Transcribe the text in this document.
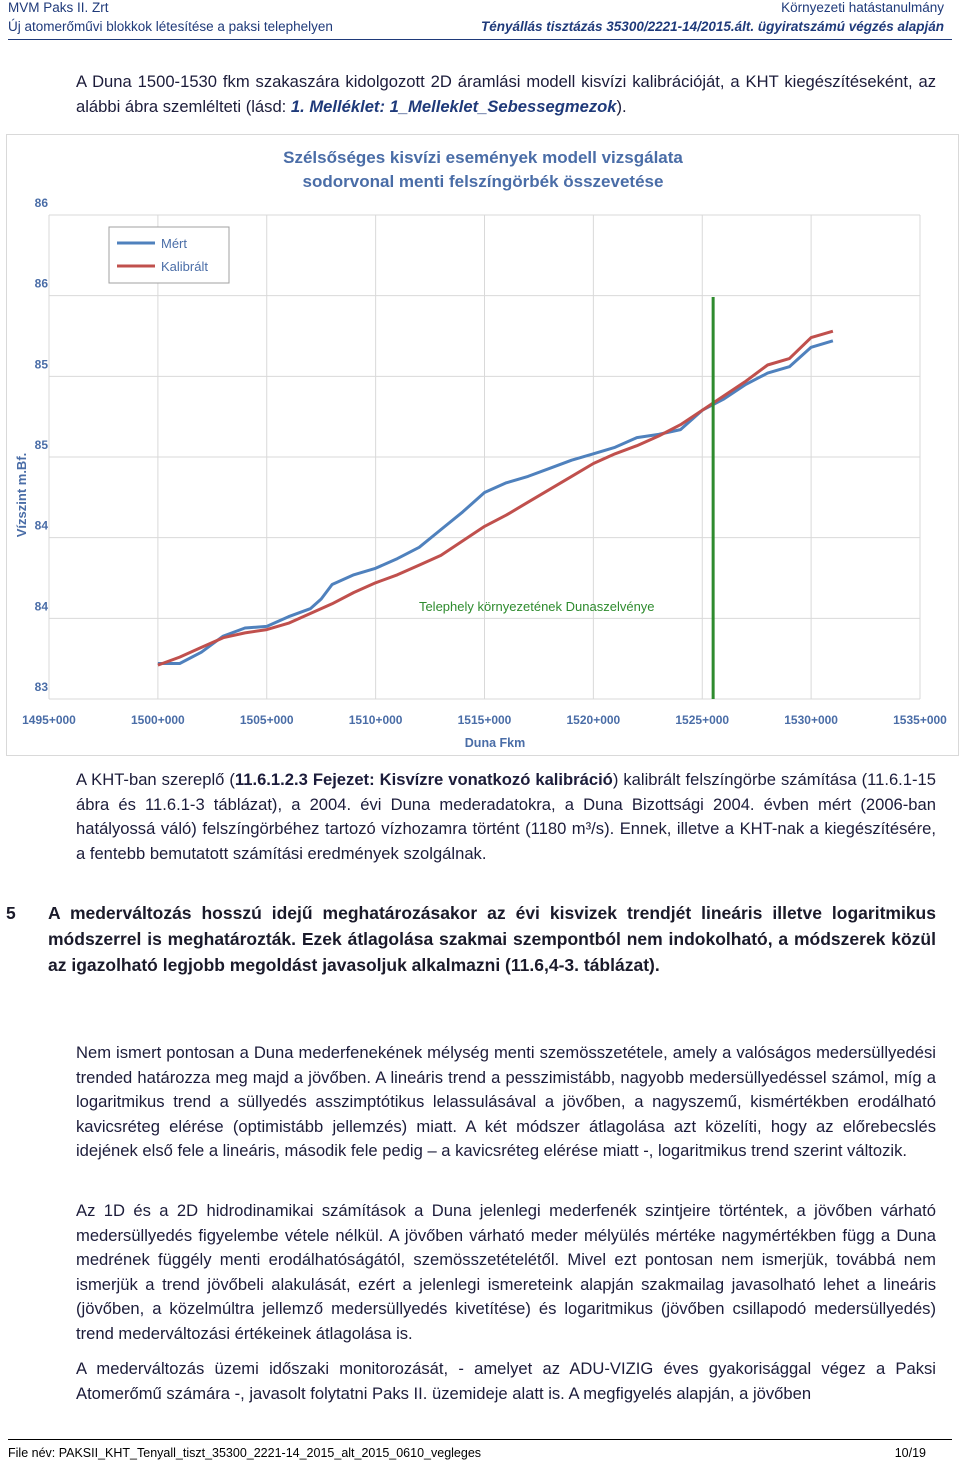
MVM Paks II. Zrt
Új atomerőművi blokkok létesítése a paksi telephelyen
Környezeti hatástanulmány
Tényállás tisztázás 35300/2221-14/2015.ált. ügyiratszámú végzés alapján
A Duna 1500-1530 fkm szakaszára kidolgozott 2D áramlási modell kisvízi kalibrációját, a KHT kiegészítéseként, az alábbi ábra szemlélteti (lásd: 1. Melléklet: 1_Melleklet_Sebessegmezok).
Szélsőséges kisvízi események modell vizsgálata
sodorvonal menti felszíngörbék összevetése
Telephely környezetének Dunaszelvénye
83
84
84
85
85
86
86
1495+000	1500+000	1505+000	1510+000	1515+000	1520+000	1525+000	1530+000	1535+000
Duna Fkm
Vízszint m.Bf.
Mért
Kalibrált
A KHT-ban szereplő (11.6.1.2.3 Fejezet: Kisvízre vonatkozó kalibráció) kalibrált felszíngörbe számítása (11.6.1-15 ábra és 11.6.1-3 táblázat), a 2004. évi Duna mederadatokra, a Duna Bizottsági 2004. évben mért (2006-ban hatályossá váló) felszíngörbéhez tartozó vízhozamra történt (1180 m³/s). Ennek, illetve a KHT-nak a kiegészítésére, a fentebb bemutatott számítási eredmények szolgálnak.
5 A mederváltozás hosszú idejű meghatározásakor az évi kisvizek trendjét lineáris illetve logaritmikus módszerrel is meghatározták. Ezek átlagolása szakmai szempontból nem indokolható, a módszerek közül az igazolható legjobb megoldást javasoljuk alkalmazni (11.6,4-3. táblázat).
Nem ismert pontosan a Duna mederfenekének mélység menti szemösszetétele, amely a valóságos medersüllyedési trended határozza meg majd a jövőben. A lineáris trend a pesszimistább, nagyobb medersüllyedéssel számol, míg a logaritmikus trend a süllyedés asszimptótikus lelassulásával a jövőben, a nagyszemű, kismértékben erodálható kavicsréteg elérése (optimistább jellemzés) miatt. A két módszer átlagolása azt közelíti, hogy az előrebecslés idejének első fele a lineáris, második fele pedig – a kavicsréteg elérése miatt -, logaritmikus trend szerint változik.
Az 1D és a 2D hidrodinamikai számítások a Duna jelenlegi mederfenék szintjeire történtek, a jövőben várható medersüllyedés figyelembe vétele nélkül. A jövőben várható meder mélyülés mértéke nagymértékben függ a Duna medrének függély menti erodálhatóságától, szemösszetételétől. Mivel ezt pontosan nem ismerjük, továbbá nem ismerjük a trend jövőbeli alakulását, ezért a jelenlegi ismereteink alapján szakmailag javasolható lehet a lineáris (jövőben, a közelmúltra jellemző medersüllyedés kivetítése) és logaritmikus (jövőben csillapodó medersüllyedés) trend mederváltozási értékeinek átlagolása is.
A mederváltozás üzemi időszaki monitorozását, - amelyet az ADU-VIZIG éves gyakorisággal végez a Paksi Atomerőmű számára -, javasolt folytatni Paks II. üzemideje alatt is. A megfigyelés alapján, a jövőben
File név: PAKSII_KHT_Tenyall_tiszt_35300_2221-14_2015_alt_2015_0610_vegleges	10/19
